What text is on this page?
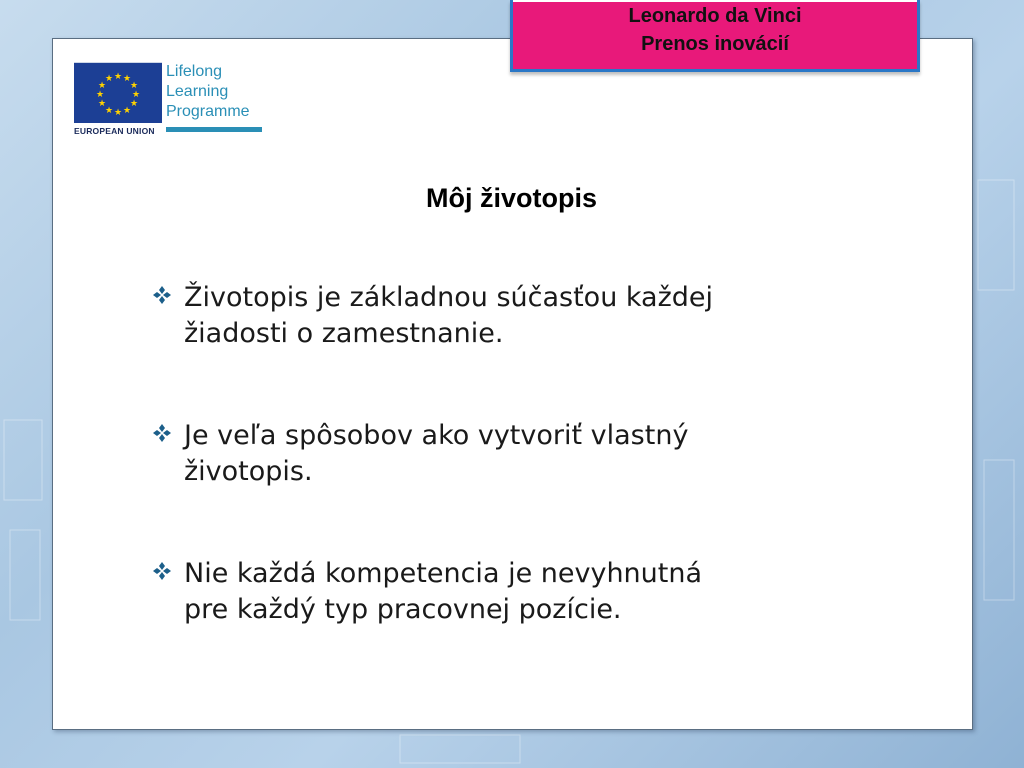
Leonardo da Vinci
Prenos inovácií
★ ★
★
★
★
★
★
★
★
★
★
★
EUROPEAN UNION
Lifelong
Learning
Programme
Môj životopis
Životopis je základnou súčasťou každej
žiadosti o zamestnanie.
Je veľa spôsobov ako vytvoriť vlastný
životopis.
Nie každá kompetencia je nevyhnutná
pre každý typ pracovnej pozície.
